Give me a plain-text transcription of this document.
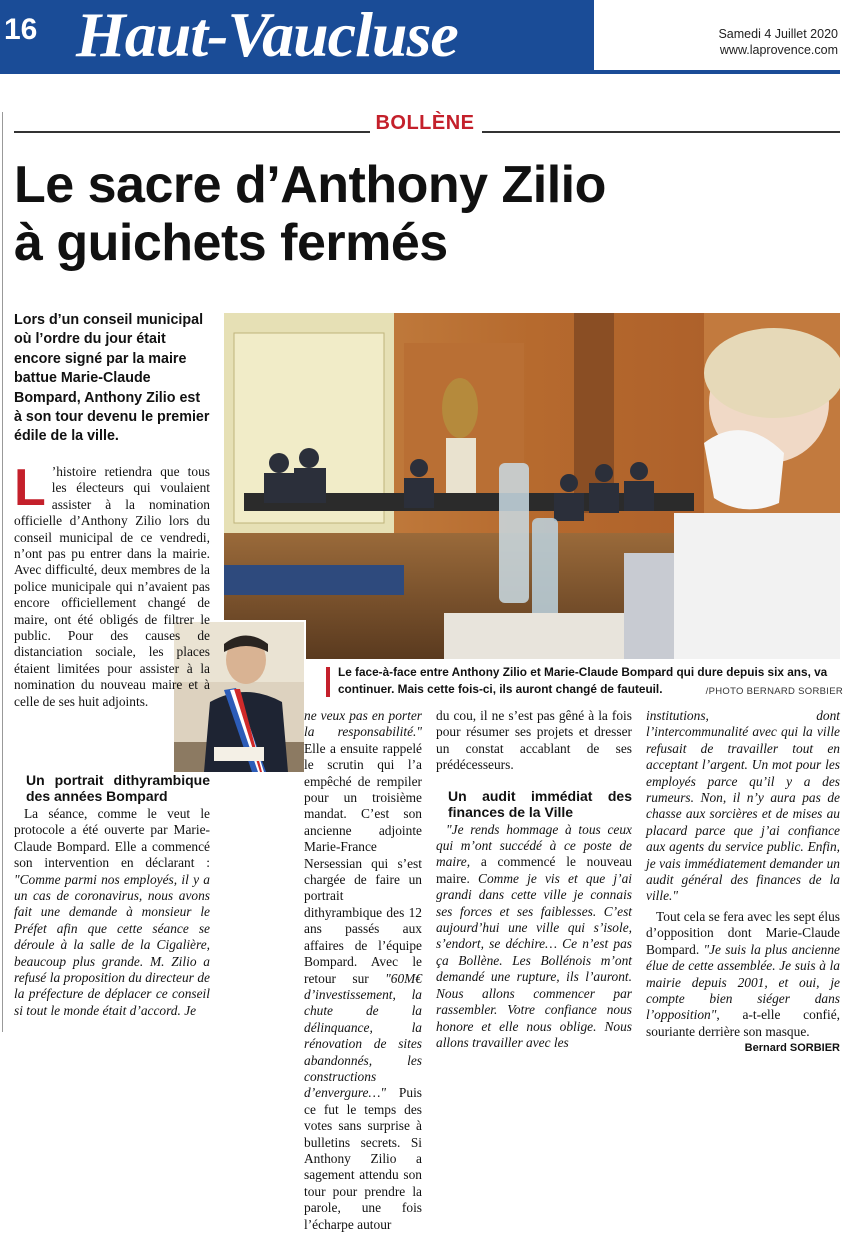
16 Haut-Vaucluse	Samedi 4 Juillet 2020
www.laprovence.com
BOLLÈNE
Le sacre d’Anthony Zilio
à guichets fermés
Lors d’un conseil municipal où l’ordre du jour était encore signé par la maire battue Marie-Claude Bompard, Anthony Zilio est à son tour devenu le premier édile de la ville.
Le face-à-face entre Anthony Zilio et Marie-Claude Bompard qui dure depuis six ans, va continuer. Mais cette fois-ci, ils auront changé de fauteuil.	/PHOTO BERNARD SORBIER

L ’histoire retiendra que tous les électeurs qui voulaient assister à la nomination officielle d’Anthony Zilio lors du conseil municipal de ce vendredi, n’ont pas pu entrer dans la mairie. Avec difficulté, deux membres de la police municipale qui n’avaient pas encore officiellement changé de maire, ont été obligés de filtrer le public. Pour des causes de distanciation sociale, les places étaient limitées pour assister à la nomination du nouveau maire et à celle de ses huit adjoints.

Un portrait dithyrambique des années Bompard

La séance, comme le veut le protocole a été ouverte par Marie-Claude Bompard. Elle a commencé son intervention en déclarant : "Comme parmi nos employés, il y a un cas de coronavirus, nous avons fait une demande à monsieur le Préfet afin que cette séance se déroule à la salle de la Cigalière, beaucoup plus grande. M. Zilio a refusé la proposition du directeur de la préfecture de déplacer ce conseil si tout le monde était d’accord. Je

ne veux pas en porter la responsabilité." Elle a ensuite rappelé le scrutin qui l’a empêché de rempiler pour un troisième mandat. C’est son ancienne adjointe Marie-France Nersessian qui s’est chargée de faire un portrait dithyrambique des 12 ans passés aux affaires de l’équipe Bompard. Avec le retour sur "60M€ d’investissement, la chute de la délinquance, la rénovation de sites abandonnés, les constructions d’envergure…" Puis ce fut le temps des votes sans surprise à bulletins secrets. Si Anthony Zilio a sagement attendu son tour pour prendre la parole, une fois l’écharpe autour

du cou, il ne s’est pas gêné à la fois pour résumer ses projets et dresser un constat accablant de ses prédécesseurs.

Un audit immédiat des finances de la Ville

"Je rends hommage à tous ceux qui m’ont succédé à ce poste de maire, a commencé le nouveau maire. Comme je vis et que j’ai grandi dans cette ville je connais ses forces et ses faiblesses. C’est aujourd’hui une ville qui s’isole, s’endort, se déchire… Ce n’est pas ça Bollène. Les Bollénois m’ont demandé une rupture, ils l’auront. Nous allons commencer par rassembler. Votre confiance nous honore et elle nous oblige. Nous allons travailler avec les

institutions, dont l’intercommunalité avec qui la ville refusait de travailler tout en acceptant l’argent. Un mot pour les employés parce qu’il y a des rumeurs. Non, il n’y aura pas de chasse aux sorcières et de mises au placard parce que j’ai confiance aux agents du service public. Enfin, je vais immédiatement demander un audit général des finances de la ville."

Tout cela se fera avec les sept élus d’opposition dont Marie-Claude Bompard. "Je suis la plus ancienne élue de cette assemblée. Je suis à la mairie depuis 2001, et oui, je compte bien siéger dans l’opposition", a-t-elle confié, souriante derrière son masque.

Bernard SORBIER
